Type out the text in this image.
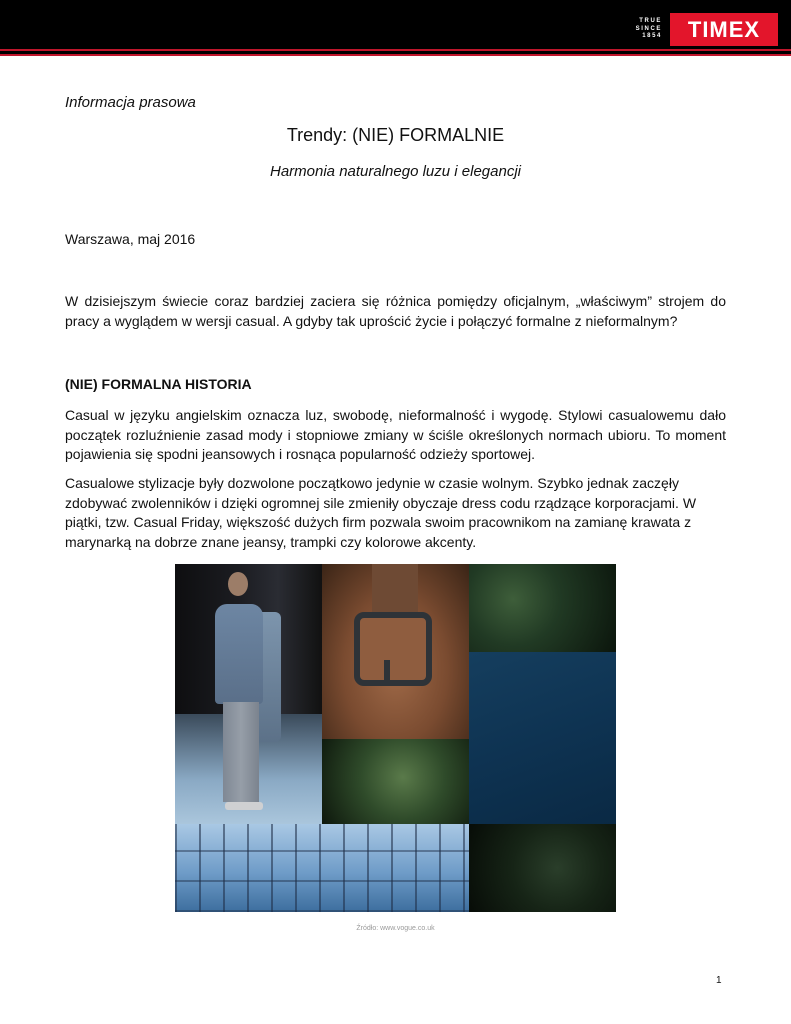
TRUE
SINCE
1854 TIMEX

Informacja prasowa

Trendy: (NIE) FORMALNIE

Harmonia naturalnego luzu i elegancji

Warszawa, maj 2016

W dzisiejszym świecie coraz bardziej zaciera się różnica pomiędzy oficjalnym, „właściwym” strojem do pracy a wyglądem w wersji casual. A gdyby tak uprościć życie i połączyć formalne z nieformalnym?

(NIE) FORMALNA HISTORIA

Casual w języku angielskim oznacza luz, swobodę, nieformalność i wygodę. Stylowi casualowemu dało początek rozluźnienie zasad mody i stopniowe zmiany w ściśle określonych normach ubioru. To moment pojawienia się spodni jeansowych i rosnąca popularność odzieży sportowej.

Casualowe stylizacje były dozwolone początkowo jedynie w czasie wolnym. Szybko jednak zaczęły
zdobywać zwolenników i dzięki ogromnej sile zmieniły obyczaje dress codu rządzące korporacjami. W
piątki, tzw. Casual Friday, większość dużych firm pozwala swoim pracownikom na zamianę krawata z
marynarką na dobrze znane jeansy, trampki czy kolorowe akcenty.

Źródło: www.vogue.co.uk

1
